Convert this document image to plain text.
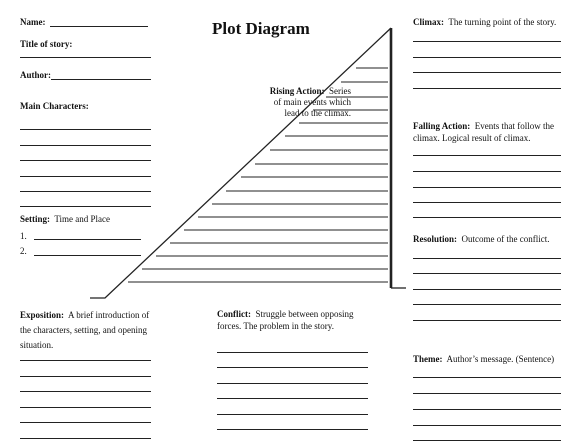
Plot Diagram
Name:
Title of story:
Author:
Main Characters:
Setting: Time and Place
1.
2.
Rising Action: Series
of main events which
lead to the climax.
Climax: The turning point of the story.
Falling Action: Events that follow the
climax. Logical result of climax.
Resolution: Outcome of the conflict.
Theme: Author’s message. (Sentence)
Exposition: A brief introduction of
the characters, setting, and opening
situation.
Conflict: Struggle between opposing
forces. The problem in the story.
